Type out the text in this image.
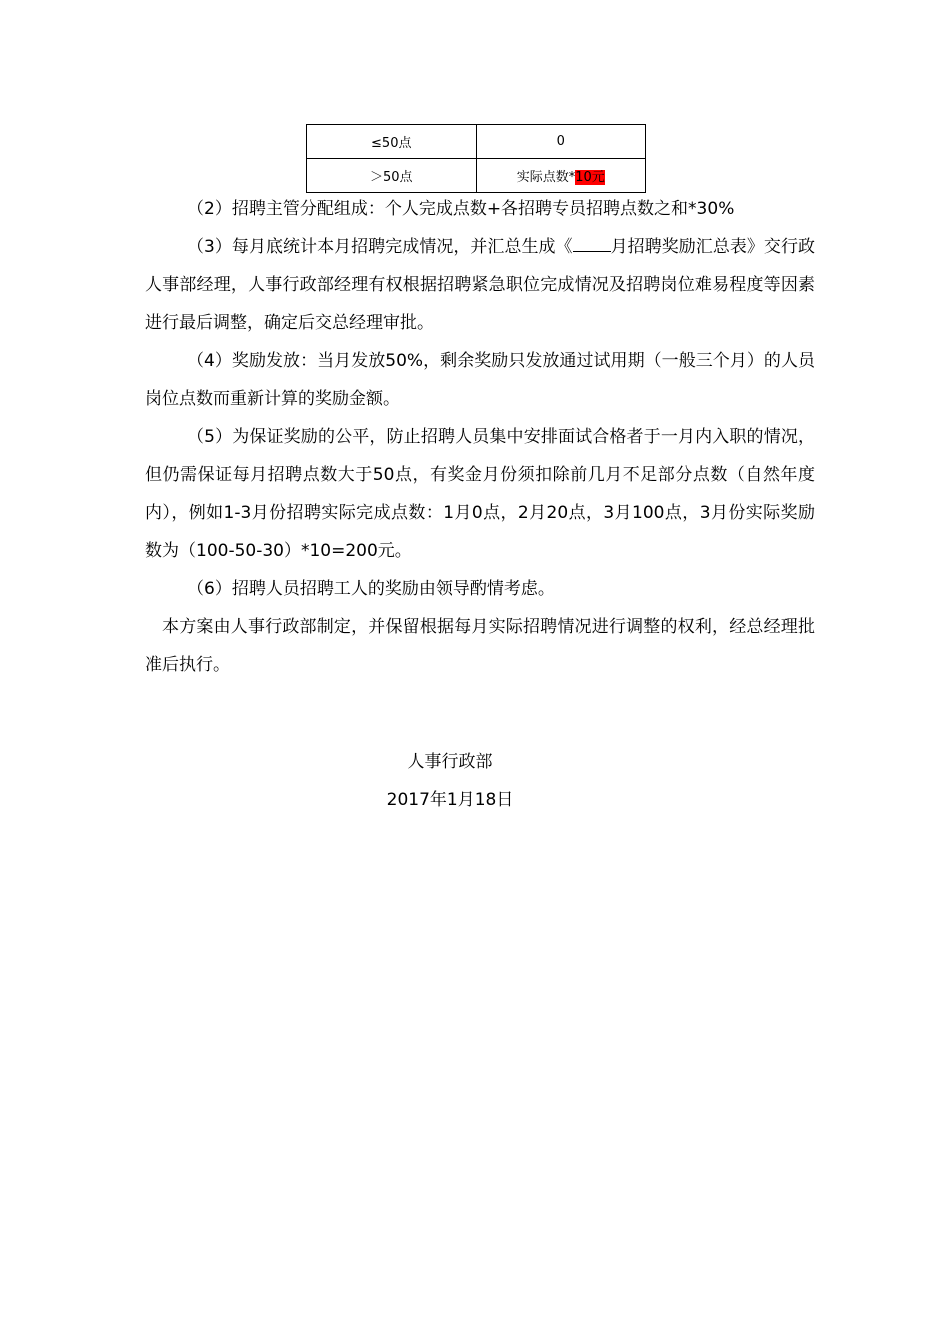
≤50点	0
＞50点	实际点数*10元

（2）招聘主管分配组成：个人完成点数+各招聘专员招聘点数之和*30%

（3）每月底统计本月招聘完成情况，并汇总生成《 月招聘奖励汇总表》交行政人事部经理，人事行政部经理有权根据招聘紧急职位完成情况及招聘岗位难易程度等因素进行最后调整，确定后交总经理审批。

（4）奖励发放：当月发放50%，剩余奖励只发放通过试用期（一般三个月）的人员岗位点数而重新计算的奖励金额。

（5）为保证奖励的公平，防止招聘人员集中安排面试合格者于一月内入职的情况，但仍需保证每月招聘点数大于50点，有奖金月份须扣除前几月不足部分点数（自然年度内），例如1-3月份招聘实际完成点数：1月0点，2月20点，3月100点，3月份实际奖励数为（100-50-30）*10=200元。

（6）招聘人员招聘工人的奖励由领导酌情考虑。

本方案由人事行政部制定，并保留根据每月实际招聘情况进行调整的权利，经总经理批准后执行。

人事行政部
2017年1月18日
